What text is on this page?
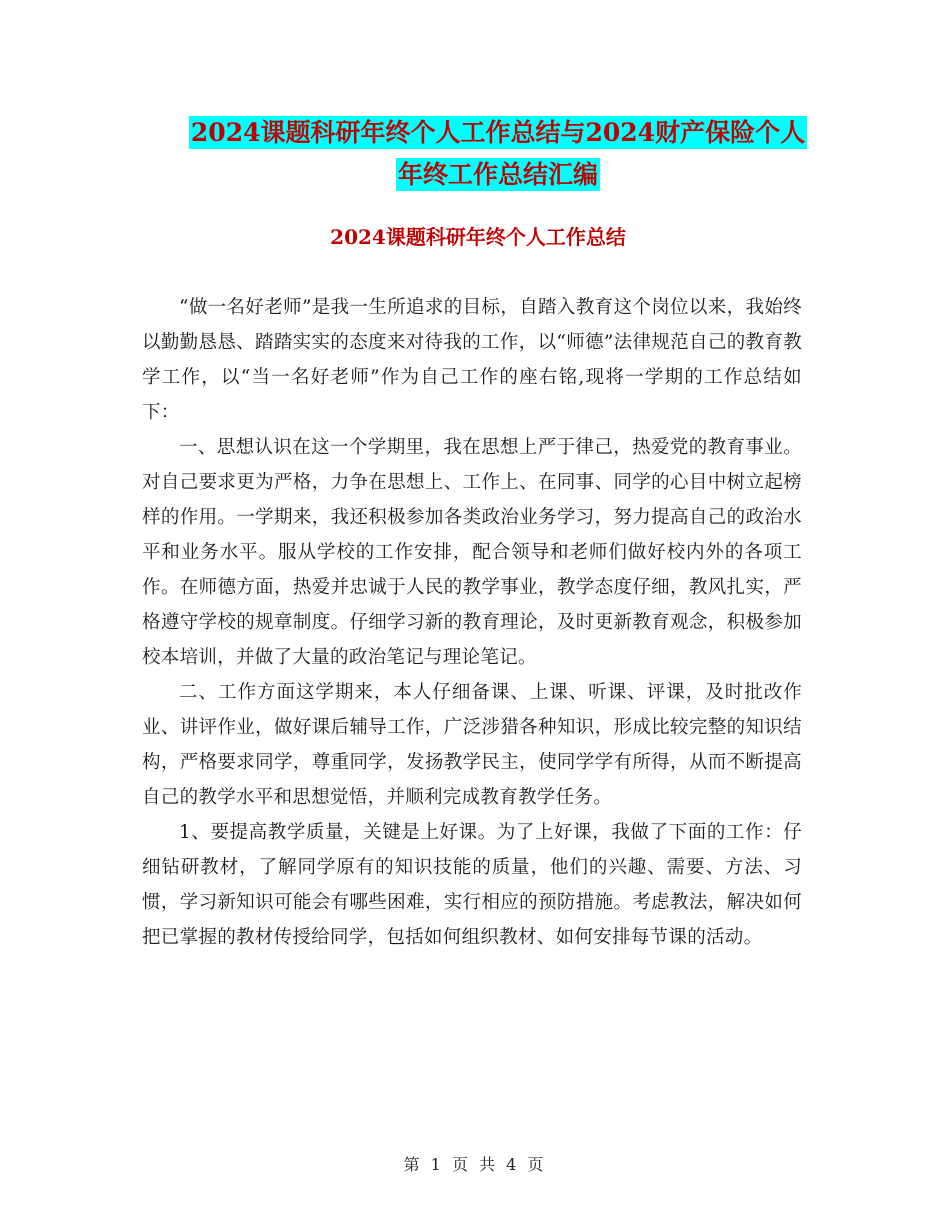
2024课题科研年终个人工作总结与2024财产保险个人
年终工作总结汇编
2024课题科研年终个人工作总结

“做一名好老师”是我一生所追求的目标，自踏入教育这个岗位以来，我始终以勤勤恳恳、踏踏实实的态度来对待我的工作，以“师德”法律规范自己的教育教学工作，以“当一名好老师”作为自己工作的座右铭,现将一学期的工作总结如下：

一、思想认识在这一个学期里，我在思想上严于律己，热爱党的教育事业。对自己要求更为严格，力争在思想上、工作上、在同事、同学的心目中树立起榜样的作用。一学期来，我还积极参加各类政治业务学习，努力提高自己的政治水平和业务水平。服从学校的工作安排，配合领导和老师们做好校内外的各项工作。在师德方面，热爱并忠诚于人民的教学事业，教学态度仔细，教风扎实，严格遵守学校的规章制度。仔细学习新的教育理论，及时更新教育观念，积极参加校本培训，并做了大量的政治笔记与理论笔记。

二、工作方面这学期来，本人仔细备课、上课、听课、评课，及时批改作业、讲评作业，做好课后辅导工作，广泛涉猎各种知识，形成比较完整的知识结构，严格要求同学，尊重同学，发扬教学民主，使同学学有所得，从而不断提高自己的教学水平和思想觉悟，并顺利完成教育教学任务。

1、要提高教学质量，关键是上好课。为了上好课，我做了下面的工作：仔细钻研教材，了解同学原有的知识技能的质量，他们的兴趣、需要、方法、习惯，学习新知识可能会有哪些困难，实行相应的预防措施。考虑教法，解决如何把已掌握的教材传授给同学，包括如何组织教材、如何安排每节课的活动。

第 1 页 共 4 页
